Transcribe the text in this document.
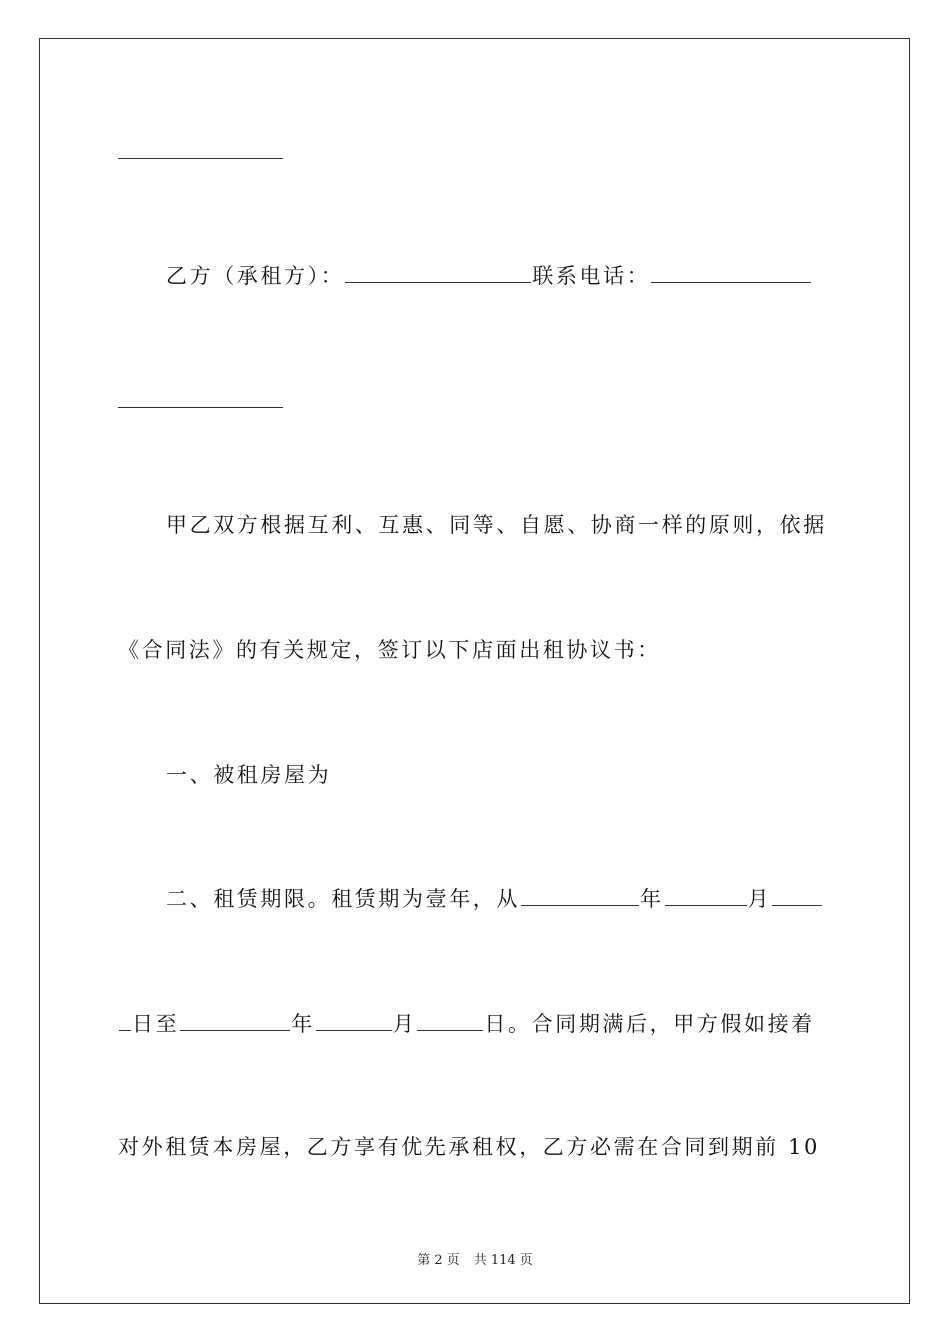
乙方（承租方）：	联系电话：
甲乙双方根据互利、互惠、同等、自愿、协商一样的原则，依据
《合同法》的有关规定，签订以下店面出租协议书：
一、被租房屋为
二、租赁期限。租赁期为壹年，从	年	月
日至	年	月	日。合同期满后，甲方假如接着
对外租赁本房屋，乙方享有优先承租权，乙方必需在合同到期前 10
第 2 页 共 114 页
